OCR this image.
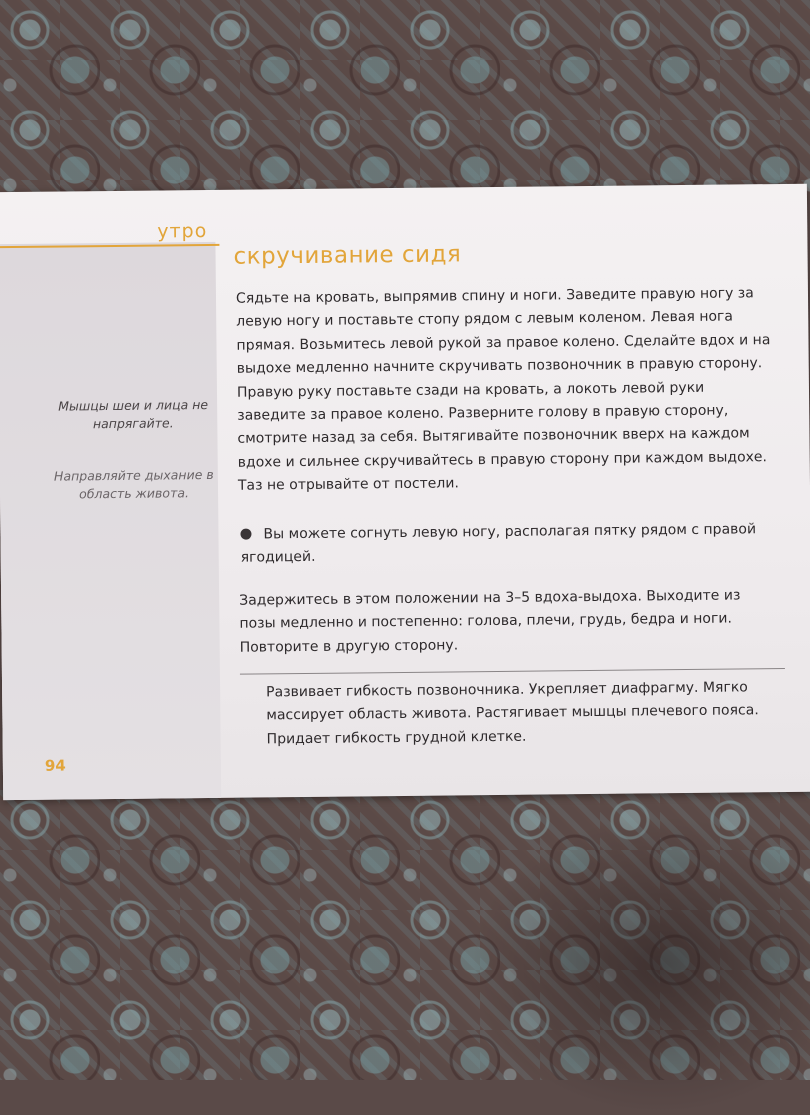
утро
скручивание сидя
Мышцы шеи и лица не напрягайте.
Направляйте дыхание в область живота.
Сядьте на кровать, выпрямив спину и ноги. Заведите правую ногу за левую ногу и поставьте стопу рядом с левым коленом. Левая нога прямая. Возьмитесь левой рукой за правое колено. Сделайте вдох и на выдохе медленно начните скручивать позвоночник в правую сторону. Правую руку поставьте сзади на кровать, а локоть левой руки заведите за правое колено. Разверните голову в правую сторону, смотрите назад за себя. Вытягивайте позвоночник вверх на каждом вдохе и сильнее скручивайтесь в правую сторону при каждом выдохе. Таз не отрывайте от постели.
Вы можете согнуть левую ногу, располагая пятку рядом с правой ягодицей.
Задержитесь в этом положении на 3–5 вдоха-выдоха. Выходите из позы медленно и постепенно: голова, плечи, грудь, бедра и ноги. Повторите в другую сторону.
Развивает гибкость позвоночника. Укрепляет диафрагму. Мягко массирует область живота. Растягивает мышцы плечевого пояса. Придает гибкость грудной клетке.
94
